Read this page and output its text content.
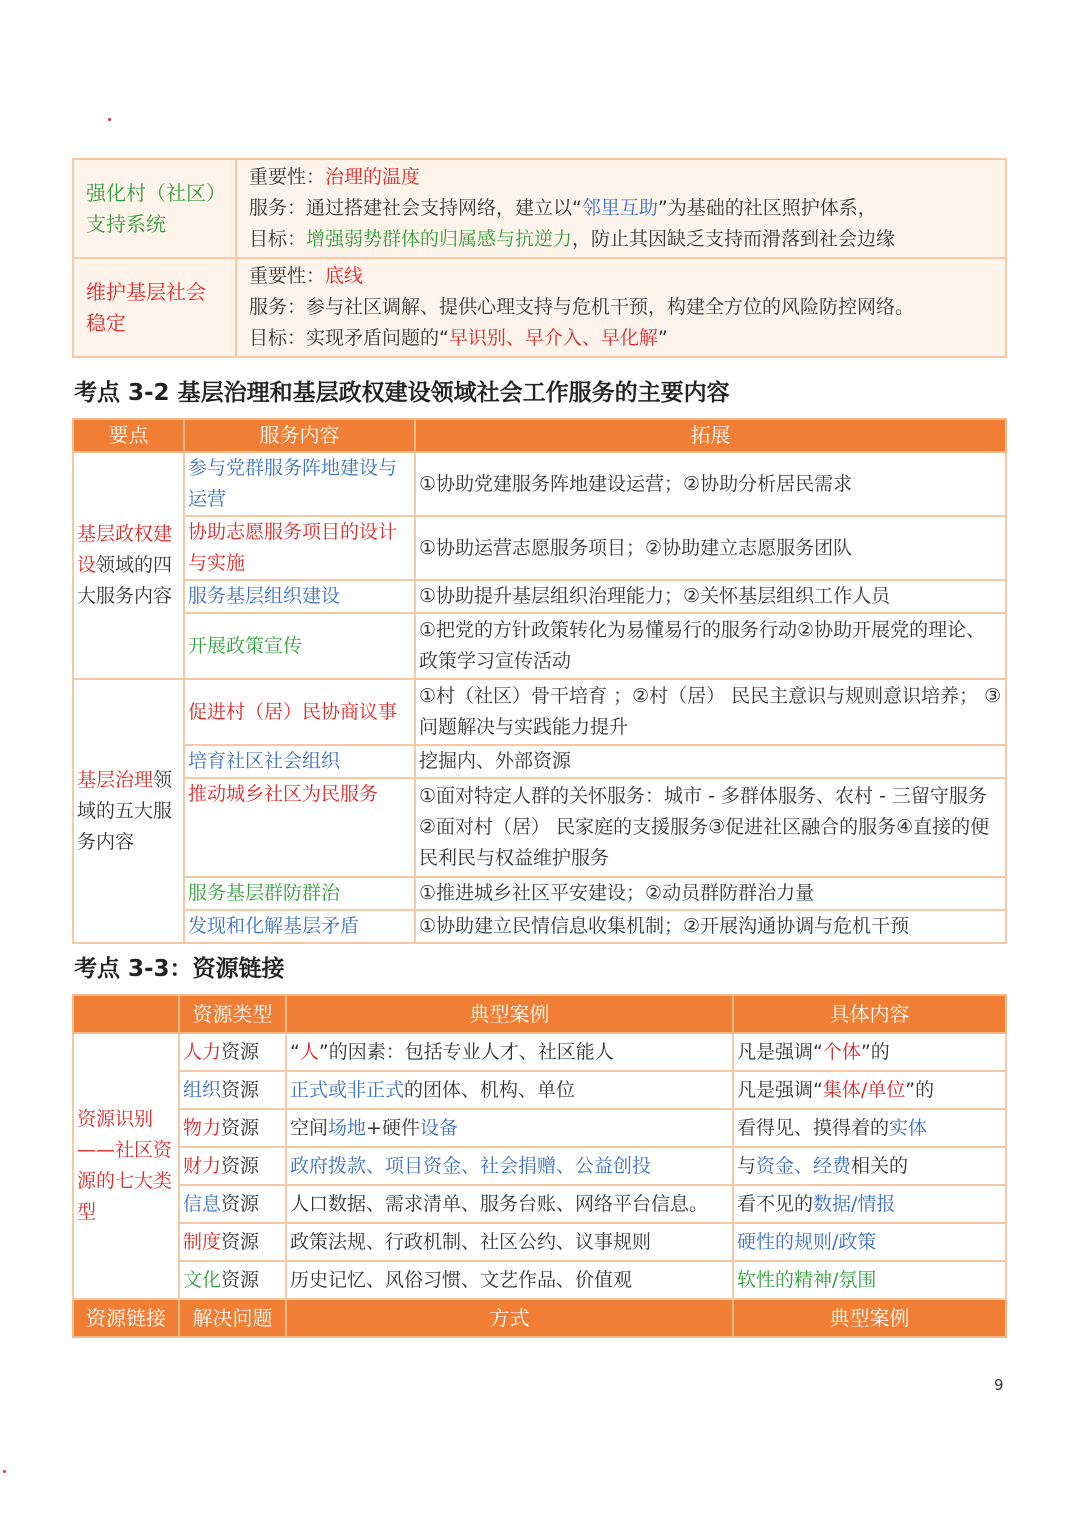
强化村（社区）支持系统	重要性：治理的温度
服务：通过搭建社会支持网络，建立以“邻里互助”为基础的社区照护体系，
目标：增强弱势群体的归属感与抗逆力，防止其因缺乏支持而滑落到社会边缘

维护基层社会稳定	重要性：底线
服务：参与社区调解、提供心理支持与危机干预，构建全方位的风险防控网络。
目标：实现矛盾问题的“早识别、早介入、早化解”
考点 3-2 基层治理和基层政权建设领域社会工作服务的主要内容
要点	服务内容	拓展
基层政权建设领域的四大服务内容	参与党群服务阵地建设与运营	①协助党建服务阵地建设运营；②协助分析居民需求
	协助志愿服务项目的设计与实施	①协助运营志愿服务项目；②协助建立志愿服务团队
	服务基层组织建设	①协助提升基层组织治理能力；②关怀基层组织工作人员
	开展政策宣传	①把党的方针政策转化为易懂易行的服务行动②协助开展党的理论、政策学习宣传活动
基层治理领域的五大服务内容	促进村（居）民协商议事	①村（社区）骨干培育 ；②村（居） 民民主意识与规则意识培养； ③问题解决与实践能力提升
	培育社区社会组织	挖掘内、外部资源
	推动城乡社区为民服务	①面对特定人群的关怀服务：城市 - 多群体服务、农村 - 三留守服务②面对村（居） 民家庭的支援服务③促进社区融合的服务④直接的便民利民与权益维护服务
	服务基层群防群治	①推进城乡社区平安建设；②动员群防群治力量
	发现和化解基层矛盾	①协助建立民情信息收集机制；②开展沟通协调与危机干预
考点 3-3：资源链接
	资源类型	典型案例	具体内容
资源识别——社区资源的七大类型	人力资源	“人”的因素：包括专业人才、社区能人	凡是强调“个体”的
	组织资源	正式或非正式的团体、机构、单位	凡是强调“集体/单位”的
	物力资源	空间场地+硬件设备	看得见、摸得着的实体
	财力资源	政府拨款、项目资金、社会捐赠、公益创投	与资金、经费相关的
	信息资源	人口数据、需求清单、服务台账、网络平台信息。	看不见的数据/情报
	制度资源	政策法规、行政机制、社区公约、议事规则	硬性的规则/政策
	文化资源	历史记忆、风俗习惯、文艺作品、价值观	软性的精神/氛围
资源链接	解决问题	方式	典型案例
9
